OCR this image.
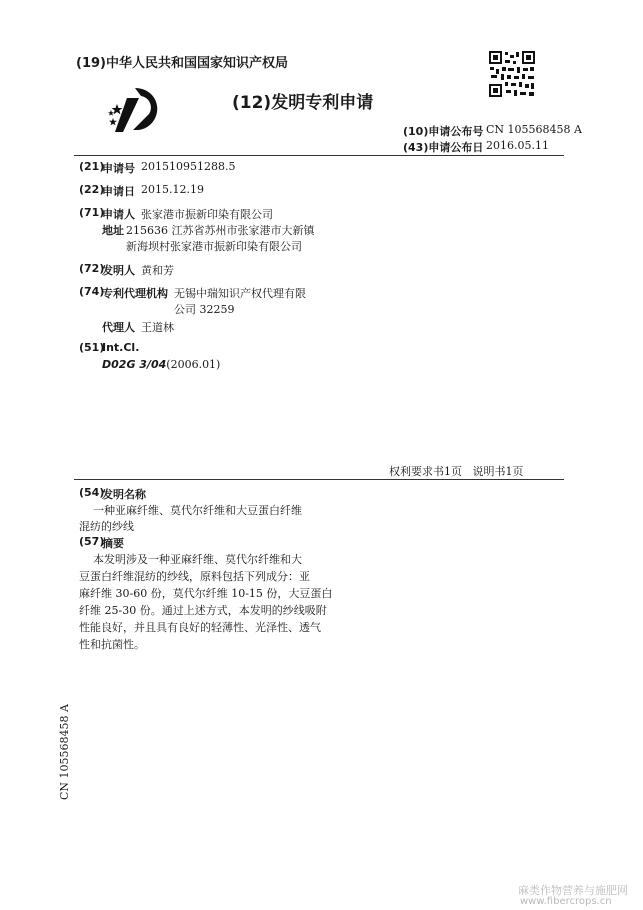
(19)中华人民共和国国家知识产权局
(12)发明专利申请
(10)申请公布号 CN 105568458 A
(43)申请公布日 2016.05.11
(21)
申请号 201510951288.5
(22)
申请日 2015.12.19
(71)
申请人 张家港市振新印染有限公司
地址 215636 江苏省苏州市张家港市大新镇
新海坝村张家港市振新印染有限公司
(72)
发明人 黄和芳
(74)
专利代理机构 无锡中瑞知识产权代理有限
公司 32259
代理人 王道林
(51)
Int.Cl.
D02G 3/04(2006.01)
权利要求书1页   说明书1页
(54)
发明名称
一种亚麻纤维、莫代尔纤维和大豆蛋白纤维
混纺的纱线
(57)
摘要
本发明涉及一种亚麻纤维、莫代尔纤维和大
豆蛋白纤维混纺的纱线，原料包括下列成分：亚
麻纤维 30-60 份，莫代尔纤维 10-15 份，大豆蛋白
纤维 25-30 份。通过上述方式，本发明的纱线吸附
性能良好，并且具有良好的轻薄性、光泽性、透气
性和抗菌性。
CN 105568458 A
麻类作物营养与施肥网
www.fibercrops.cn
